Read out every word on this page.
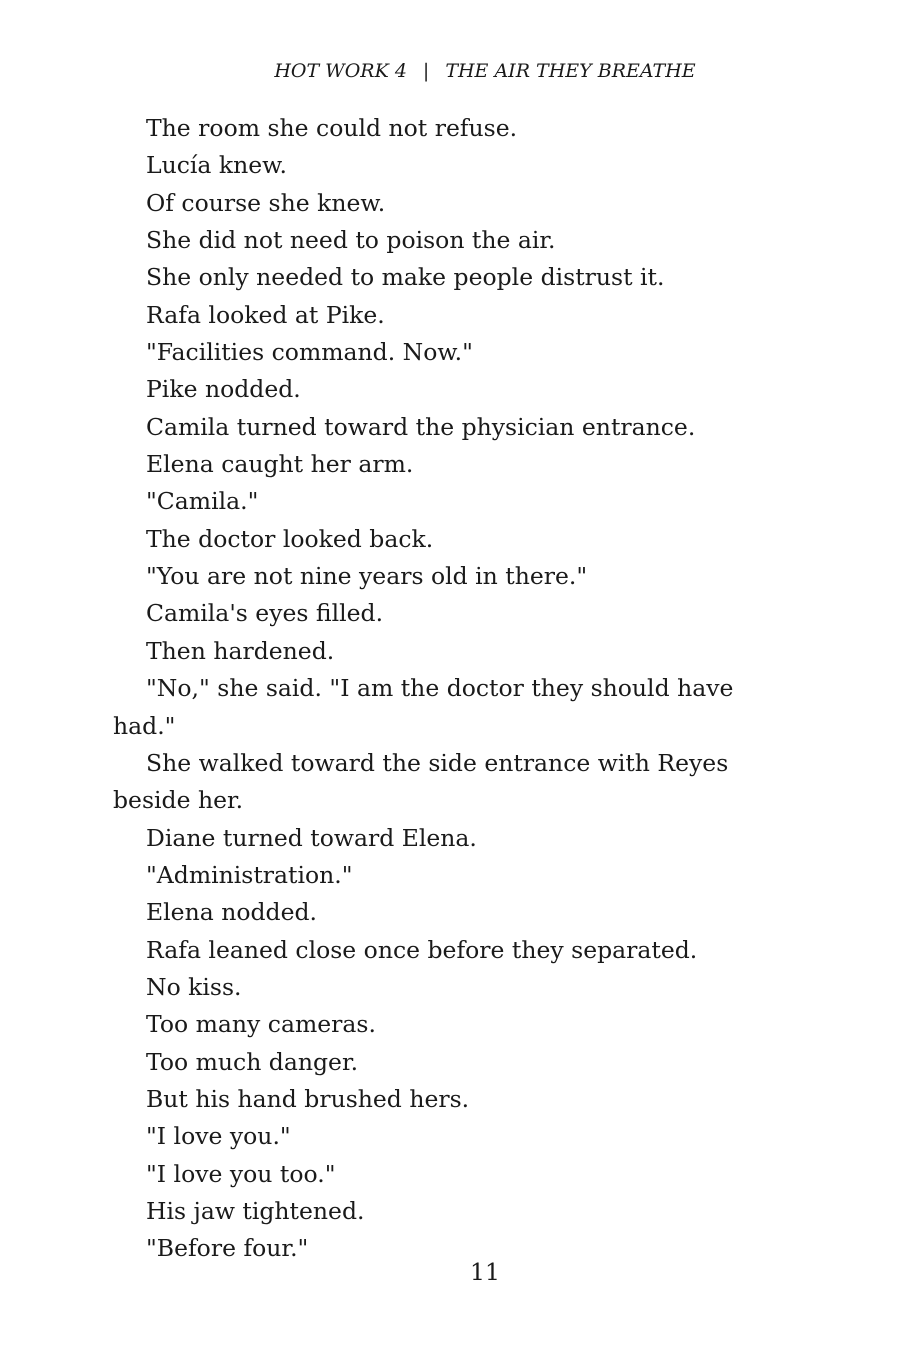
HOT WORK 4 | THE AIR THEY BREATHE

The room she could not refuse.

Lucía knew.

Of course she knew.

She did not need to poison the air.

She only needed to make people distrust it.

Rafa looked at Pike.

"Facilities command. Now."

Pike nodded.

Camila turned toward the physician entrance.

Elena caught her arm.

"Camila."

The doctor looked back.

"You are not nine years old in there."

Camila's eyes filled.

Then hardened.

"No," she said. "I am the doctor they should have had."

She walked toward the side entrance with Reyes beside her.

Diane turned toward Elena.

"Administration."

Elena nodded.

Rafa leaned close once before they separated.

No kiss.

Too many cameras.

Too much danger.

But his hand brushed hers.

"I love you."

"I love you too."

His jaw tightened.

"Before four."

11
